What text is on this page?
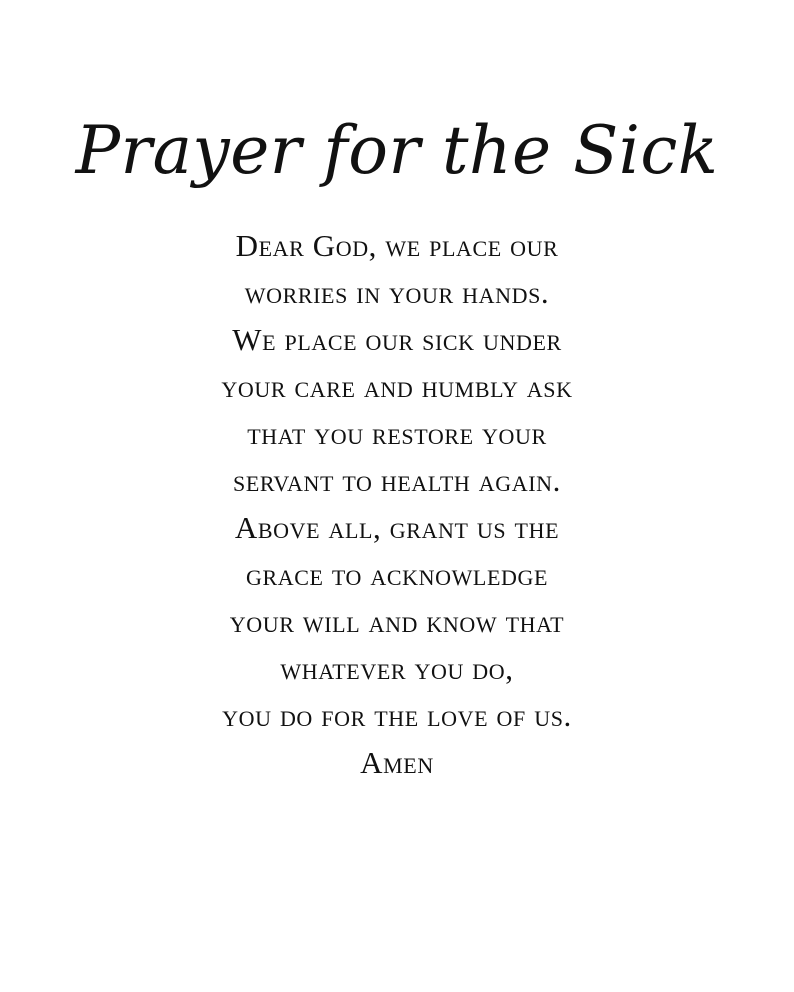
Prayer for the Sick
Dear God, we place our
worries in your hands.
We place our sick under
your care and humbly ask
that you restore your
servant to health again.
Above all, grant us the
grace to acknowledge
your will and know that
whatever you do,
you do for the love of us.
Amen
